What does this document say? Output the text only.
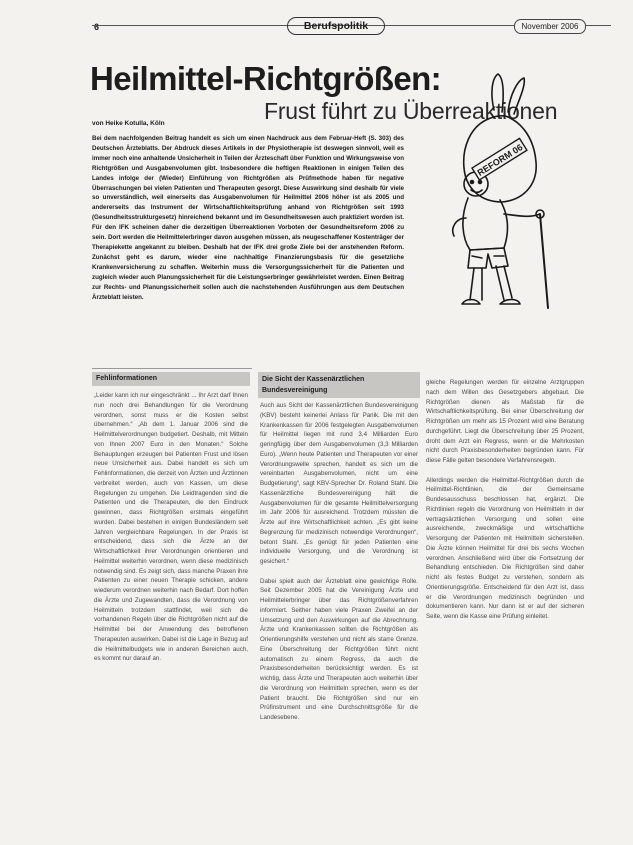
6	Berufspolitik	November 2006
Heilmittel-Richtgrößen:
Frust führt zu Überreaktionen
von Heike Kotulla, Köln

Bei dem nachfolgenden Beitrag handelt es sich um einen Nachdruck aus dem Februar-Heft (S. 303) des Deutschen Ärzteblatts. Der Abdruck dieses Artikels in der Physiotherapie ist deswegen sinnvoll, weil es immer noch eine anhaltende Unsicherheit in Teilen der Ärzteschaft über Funktion und Wirkungsweise von Richtgrößen und Ausgabenvolumen gibt. Insbesondere die heftigen Reaktionen in einigen Teilen des Landes infolge der (Wieder) Einführung von Richtgrößen als Prüfmethode haben für negative Überraschungen bei vielen Patienten und Therapeuten gesorgt. Diese Auswirkung sind deshalb für viele so unverständlich, weil einerseits das Ausgabenvolumen für Heilmittel 2006 höher ist als 2005 und andererseits das Instrument der Wirtschaftlichkeitsprüfung anhand von Richtgrößen seit 1993 (Gesundheitsstrukturgesetz) hinreichend bekannt und im Gesundheitswesen auch praktiziert worden ist. Für den IFK scheinen daher die derzeitigen Überreaktionen Vorboten der Gesundheitsreform 2006 zu sein. Dort werden die Heilmittelerbringer davon ausgehen müssen, als neugeschaffener Kostenträger der Therapiekette angekannt zu bleiben. Deshalb hat der IFK drei große Ziele bei der anstehenden Reform. Zunächst geht es darum, wieder eine nachhaltige Finanzierungsbasis für die gesetzliche Krankenversicherung zu schaffen. Weiterhin muss die Versorgungssicherheit für die Patienten und zugleich wieder auch Planungssicherheit für die Leistungserbringer gewährleistet werden. Einen Beitrag zur Rechts- und Planungssicherheit sollen auch die nachstehenden Ausführungen aus dem Deutschen Ärzteblatt leisten.

REFORM 06
Fehlinformationen	Die Sicht der Kassenärztlichen Bundesvereinigung

„Leider kann ich nur eingeschränkt ... Ihr Arzt darf Ihnen nun noch drei Behandlungen für die Verordnung verordnen, sonst muss er die Kosten selbst übernehmen.“ „Ab dem 1. Januar 2006 sind die Heilmittelverordnungen budgetiert. Deshalb, mit Mitteln von Ihnen 2007 Euro in den Monaten.“ Solche Behauptungen erzeugen bei Patienten Frust und lösen neue Unsicherheit aus. Dabei handelt es sich um Fehlinformationen, die derzeit von Ärzten und Ärztinnen verbreitet werden, auch von Kassen, um diese Regelungen zu umgehen. Die Leidtragenden sind die Patienten und die Therapeuten, die den Eindruck gewinnen, dass Richtgrößen erstmals eingeführt wurden. Dabei bestehen in einigen Bundesländern seit Jahren vergleichbare Regelungen. In der Praxis ist entscheidend, dass sich die Ärzte an der Wirtschaftlichkeit ihrer Verordnungen orientieren und Heilmittel weiterhin verordnen, wenn diese medizinisch notwendig sind. Es zeigt sich, dass manche Praxen ihre Patienten zu einer neuen Therapie schicken, andere wiederum verordnen weiterhin nach Bedarf. Dort hoffen die Ärzte und Zugewandten, dass die Verordnung von Heilmitteln trotzdem stattfindet, weil sich die vorhandenen Regeln über die Richtgrößen nicht auf die Heilmittel bei der Anwendung des betroffenen Therapeuten auswirken. Dabei ist die Lage in Bezug auf die Heilmittelbudgets wie in anderen Bereichen auch, es kommt nur darauf an.

Auch aus Sicht der Kassenärztlichen Bundesvereinigung (KBV) besteht keinerlei Anlass für Panik. Die mit den Krankenkassen für 2006 festgelegten Ausgabenvolumen für Heilmittel liegen mit rund 3,4 Milliarden Euro geringfügig über dem Ausgabenvolumen (3,3 Milliarden Euro). „Wenn heute Patienten und Therapeuten vor einer Verordnungswelle sprechen, handelt es sich um die vereinbarten Ausgabenvolumen, nicht um eine Budgetierung“, sagt KBV-Sprecher Dr. Roland Stahl. Die Kassenärztliche Bundesvereinigung hält die Ausgabenvolumen für die gesamte Heilmittelversorgung im Jahr 2006 für ausreichend. Trotzdem müssten die Ärzte auf ihre Wirtschaftlichkeit achten. „Es gibt keine Begrenzung für medizinisch notwendige Verordnungen“, betont Stahl. „Es genügt für jeden Patienten eine individuelle Versorgung, und die Verordnung ist gesichert.“

Dabei spielt auch der Ärzteblatt eine gewichtige Rolle. Seit Dezember 2005 hat die Vereinigung Ärzte und Heilmittelerbringer über das Richtgrößenverfahren informiert. Seither haben viele Praxen Zweifel an der Umsetzung und den Auswirkungen auf die Abrechnung. Ärzte und Krankenkassen sollten die Richtgrößen als Orientierungshilfe verstehen und nicht als starre Grenze. Eine Überschreitung der Richtgrößen führt nicht automatisch zu einem Regress, da auch die Praxisbesonderheiten berücksichtigt werden. Es ist wichtig, dass Ärzte und Therapeuten auch weiterhin über die Verordnung von Heilmitteln sprechen, wenn es der Patient braucht. Die Richtgrößen sind nur ein Prüfinstrument und eine Durchschnittsgröße für die Landesebene.

gleiche Regelungen werden für einzelne Arztgruppen nach dem Willen des Gesetzgebers abgebaut. Die Richtgrößen dienen als Maßstab für die Wirtschaftlichkeitsprüfung. Bei einer Überschreitung der Richtgrößen um mehr als 15 Prozent wird eine Beratung durchgeführt. Liegt die Überschreitung über 25 Prozent, droht dem Arzt ein Regress, wenn er die Mehrkosten nicht durch Praxisbesonderheiten begründen kann. Für diese Fälle gelten besondere Verfahrensregeln.

Allerdings werden die Heilmittel-Richtgrößen durch die Heilmittel-Richtlinien, die der Gemeinsame Bundesausschuss beschlossen hat, ergänzt. Die Richtlinien regeln die Verordnung von Heilmitteln in der vertragsärztlichen Versorgung und sollen eine ausreichende, zweckmäßige und wirtschaftliche Versorgung der Patienten mit Heilmitteln sicherstellen. Die Ärzte können Heilmittel für drei bis sechs Wochen verordnen. Anschließend wird über die Fortsetzung der Behandlung entschieden. Die Richtgrößen sind daher nicht als festes Budget zu verstehen, sondern als Orientierungsgröße. Entscheidend für den Arzt ist, dass er die Verordnungen medizinisch begründen und dokumentieren kann. Nur dann ist er auf der sicheren Seite, wenn die Kasse eine Prüfung einleitet.
